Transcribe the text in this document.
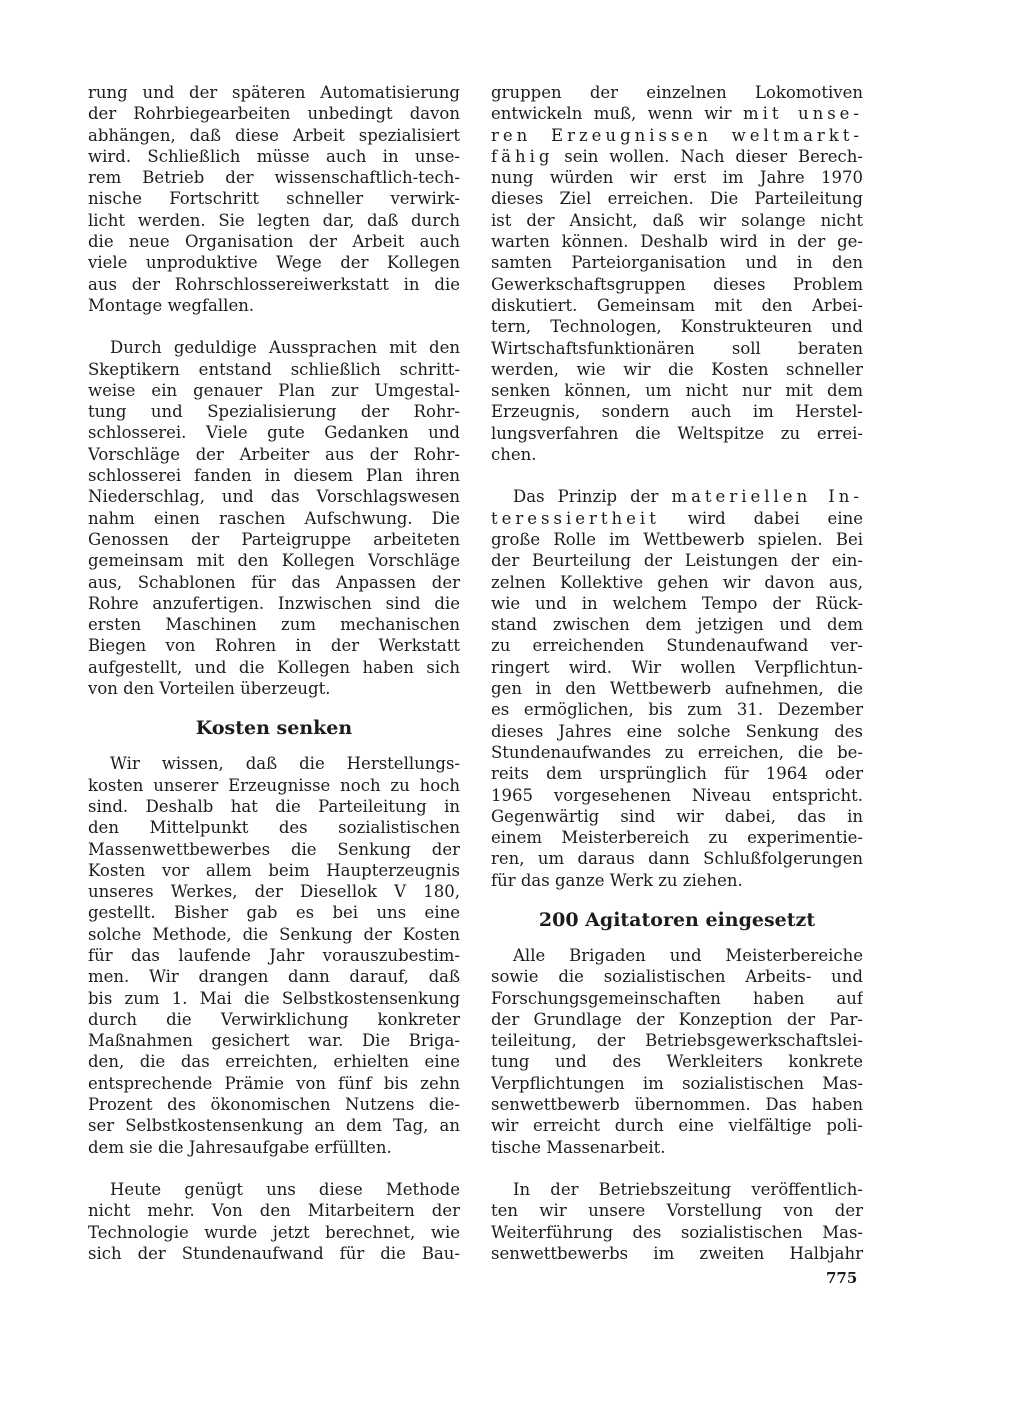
rung und der späteren Automatisierung
der Rohrbiegearbeiten unbedingt davon
abhängen, daß diese Arbeit spezialisiert
wird. Schließlich müsse auch in unse-
rem Betrieb der wissenschaftlich-tech-
nische Fortschritt schneller verwirk-
licht werden. Sie legten dar, daß durch
die neue Organisation der Arbeit auch
viele unproduktive Wege der Kollegen
aus der Rohrschlossereiwerkstatt in die
Montage wegfallen.
Durch geduldige Aussprachen mit den
Skeptikern entstand schließlich schritt-
weise ein genauer Plan zur Umgestal-
tung und Spezialisierung der Rohr-
schlosserei. Viele gute Gedanken und
Vorschläge der Arbeiter aus der Rohr-
schlosserei fanden in diesem Plan ihren
Niederschlag, und das Vorschlagswesen
nahm einen raschen Aufschwung. Die
Genossen der Parteigruppe arbeiteten
gemeinsam mit den Kollegen Vorschläge
aus, Schablonen für das Anpassen der
Rohre anzufertigen. Inzwischen sind die
ersten Maschinen zum mechanischen
Biegen von Rohren in der Werkstatt
aufgestellt, und die Kollegen haben sich
von den Vorteilen überzeugt.
Kosten senken
Wir wissen, daß die Herstellungs-
kosten unserer Erzeugnisse noch zu hoch
sind. Deshalb hat die Parteileitung in
den Mittelpunkt des sozialistischen
Massenwettbewerbes die Senkung der
Kosten vor allem beim Haupterzeugnis
unseres Werkes, der Diesellok V 180,
gestellt. Bisher gab es bei uns eine
solche Methode, die Senkung der Kosten
für das laufende Jahr vorauszubestim-
men. Wir drangen dann darauf, daß
bis zum 1. Mai die Selbstkostensenkung
durch die Verwirklichung konkreter
Maßnahmen gesichert war. Die Briga-
den, die das erreichten, erhielten eine
entsprechende Prämie von fünf bis zehn
Prozent des ökonomischen Nutzens die-
ser Selbstkostensenkung an dem Tag, an
dem sie die Jahresaufgabe erfüllten.
Heute genügt uns diese Methode
nicht mehr. Von den Mitarbeitern der
Technologie wurde jetzt berechnet, wie
sich der Stundenaufwand für die Bau-
gruppen der einzelnen Lokomotiven
entwickeln muß, wenn wir mit unse-
ren Erzeugnissen weltmarkt-
fähig sein wollen. Nach dieser Berech-
nung würden wir erst im Jahre 1970
dieses Ziel erreichen. Die Parteileitung
ist der Ansicht, daß wir solange nicht
warten können. Deshalb wird in der ge-
samten Parteiorganisation und in den
Gewerkschaftsgruppen dieses Problem
diskutiert. Gemeinsam mit den Arbei-
tern, Technologen, Konstrukteuren und
Wirtschaftsfunktionären soll beraten
werden, wie wir die Kosten schneller
senken können, um nicht nur mit dem
Erzeugnis, sondern auch im Herstel-
lungsverfahren die Weltspitze zu errei-
chen.
Das Prinzip der materiellen In-
teressiertheit wird dabei eine
große Rolle im Wettbewerb spielen. Bei
der Beurteilung der Leistungen der ein-
zelnen Kollektive gehen wir davon aus,
wie und in welchem Tempo der Rück-
stand zwischen dem jetzigen und dem
zu erreichenden Stundenaufwand ver-
ringert wird. Wir wollen Verpflichtun-
gen in den Wettbewerb aufnehmen, die
es ermöglichen, bis zum 31. Dezember
dieses Jahres eine solche Senkung des
Stundenaufwandes zu erreichen, die be-
reits dem ursprünglich für 1964 oder
1965 vorgesehenen Niveau entspricht.
Gegenwärtig sind wir dabei, das in
einem Meisterbereich zu experimentie-
ren, um daraus dann Schlußfolgerungen
für das ganze Werk zu ziehen.
200 Agitatoren eingesetzt
Alle Brigaden und Meisterbereiche
sowie die sozialistischen Arbeits- und
Forschungsgemeinschaften haben auf
der Grundlage der Konzeption der Par-
teileitung, der Betriebsgewerkschaftslei-
tung und des Werkleiters konkrete
Verpflichtungen im sozialistischen Mas-
senwettbewerb übernommen. Das haben
wir erreicht durch eine vielfältige poli-
tische Massenarbeit.
In der Betriebszeitung veröffentlich-
ten wir unsere Vorstellung von der
Weiterführung des sozialistischen Mas-
senwettbewerbs im zweiten Halbjahr
775
